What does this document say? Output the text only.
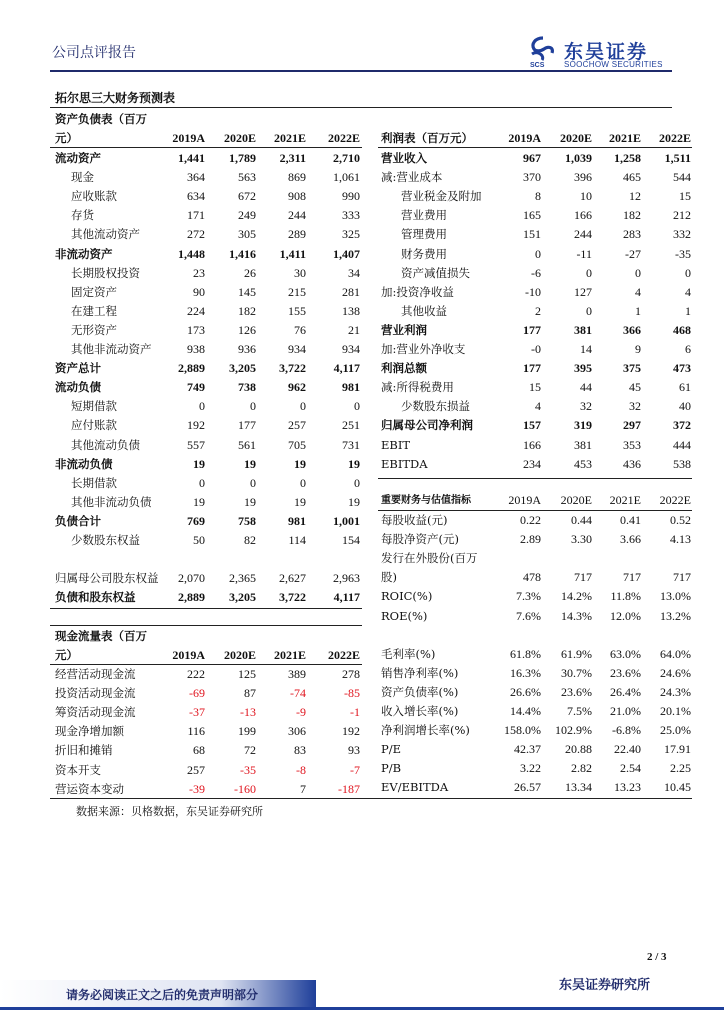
公司点评报告
SCS
东吴证券
SOOCHOW SECURITIES
拓尔思三大财务预测表
资产负债表（百万
元）	2019A	2020E	2021E	2022E
流动资产	1,441	1,789	2,311	2,710
现金	364	563	869	1,061
应收账款	634	672	908	990
存货	171	249	244	333
其他流动资产	272	305	289	325
非流动资产	1,448	1,416	1,411	1,407
长期股权投资	23	26	30	34
固定资产	90	145	215	281
在建工程	224	182	155	138
无形资产	173	126	76	21
其他非流动资产	938	936	934	934
资产总计	2,889	3,205	3,722	4,117
流动负债	749	738	962	981
短期借款	0	0	0	0
应付账款	192	177	257	251
其他流动负债	557	561	705	731
非流动负债	19	19	19	19
长期借款	0	0	0	0
其他非流动负债	19	19	19	19
负债合计	769	758	981	1,001
少数股东权益	50	82	114	154
归属母公司股东权益	2,070	2,365	2,627	2,963
负债和股东权益	2,889	3,205	3,722	4,117
利润表（百万元）	2019A	2020E	2021E	2022E
营业收入	967	1,039	1,258	1,511
减:营业成本	370	396	465	544
营业税金及附加	8	10	12	15
营业费用	165	166	182	212
管理费用	151	244	283	332
财务费用	0	-11	-27	-35
资产减值损失	-6	0	0	0
加:投资净收益	-10	127	4	4
其他收益	2	0	1	1
营业利润	177	381	366	468
加:营业外净收支	-0	14	9	6
利润总额	177	395	375	473
减:所得税费用	15	44	45	61
少数股东损益	4	32	32	40
归属母公司净利润	157	319	297	372
EBIT	166	381	353	444
EBITDA	234	453	436	538
重要财务与估值指标	2019A	2020E	2021E	2022E
每股收益(元)	0.22	0.44	0.41	0.52
每股净资产(元)	2.89	3.30	3.66	4.13
发行在外股份(百万
股)	478	717	717	717
ROIC(%)	7.3%	14.2%	11.8%	13.0%
ROE(%)	7.6%	14.3%	12.0%	13.2%
毛利率(%)	61.8%	61.9%	63.0%	64.0%
销售净利率(%)	16.3%	30.7%	23.6%	24.6%
资产负债率(%)	26.6%	23.6%	26.4%	24.3%
收入增长率(%)	14.4%	7.5%	21.0%	20.1%
净利润增长率(%)	158.0%	102.9%	-6.8%	25.0%
P/E	42.37	20.88	22.40	17.91
P/B	3.22	2.82	2.54	2.25
EV/EBITDA	26.57	13.34	13.23	10.45
现金流量表（百万
元）	2019A	2020E	2021E	2022E
经营活动现金流	222	125	389	278
投资活动现金流	-69	87	-74	-85
筹资活动现金流	-37	-13	-9	-1
现金净增加额	116	199	306	192
折旧和摊销	68	72	83	93
资本开支	257	-35	-8	-7
营运资本变动	-39	-160	7	-187
数据来源：贝格数据，东吴证券研究所
2 / 3
请务必阅读正文之后的免责声明部分
东吴证券研究所
